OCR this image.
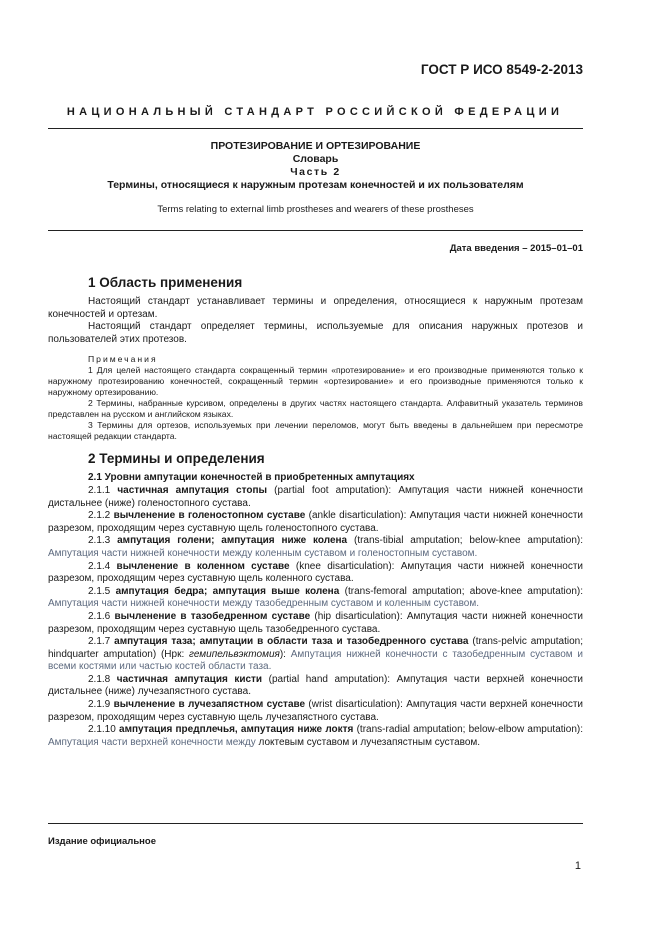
ГОСТ Р ИСО 8549-2-2013
НАЦИОНАЛЬНЫЙ СТАНДАРТ РОССИЙСКОЙ ФЕДЕРАЦИИ
ПРОТЕЗИРОВАНИЕ И ОРТЕЗИРОВАНИЕ
Словарь
Часть 2
Термины, относящиеся к наружным протезам конечностей и их пользователям
Terms relating to external limb prostheses and wearers of these prostheses
Дата введения – 2015–01–01
1 Область применения

Настоящий стандарт устанавливает термины и определения, относящиеся к наружным протезам конечностей и ортезам.

Настоящий стандарт определяет термины, используемые для описания наружных протезов и пользователей этих протезов.

Примечания

1 Для целей настоящего стандарта сокращенный термин «протезирование» и его производные применяются только к наружному протезированию конечностей, сокращенный термин «ортезирование» и его производные применяются только к наружному ортезированию.

2 Термины, набранные курсивом, определены в других частях настоящего стандарта. Алфавитный указатель терминов представлен на русском и английском языках.

3 Термины для ортезов, используемых при лечении переломов, могут быть введены в дальнейшем при пересмотре настоящей редакции стандарта.

2 Термины и определения

2.1 Уровни ампутации конечностей в приобретенных ампутациях

2.1.1 частичная ампутация стопы (partial foot amputation): Ампутация части нижней конечности дистальнее (ниже) голеностопного сустава.

2.1.2 вычленение в голеностопном суставе (ankle disarticulation): Ампутация части нижней конечности разрезом, проходящим через суставную щель голеностопного сустава.

2.1.3 ампутация голени; ампутация ниже колена (trans-tibial amputation; below-knee amputation): Ампутация части нижней конечности между коленным суставом и голеностопным суставом.

2.1.4 вычленение в коленном суставе (knee disarticulation): Ампутация части нижней конечности разрезом, проходящим через суставную щель коленного сустава.

2.1.5 ампутация бедра; ампутация выше колена (trans-femoral amputation; above-knee amputation): Ампутация части нижней конечности между тазобедренным суставом и коленным суставом.

2.1.6 вычленение в тазобедренном суставе (hip disarticulation): Ампутация части нижней конечности разрезом, проходящим через суставную щель тазобедренного сустава.

2.1.7 ампутация таза; ампутации в области таза и тазобедренного сустава (trans-pelvic amputation; hindquarter amputation) (Нрк: гемипельвэктомия): Ампутация нижней конечности с тазобедренным суставом и всеми костями или частью костей области таза.

2.1.8 частичная ампутация кисти (partial hand amputation): Ампутация части верхней конечности дистальнее (ниже) лучезапястного сустава.

2.1.9 вычленение в лучезапястном суставе (wrist disarticulation): Ампутация части верхней конечности разрезом, проходящим через суставную щель лучезапястного сустава.

2.1.10 ампутация предплечья, ампутация ниже локтя (trans-radial amputation; below-elbow amputation): Ампутация части верхней конечности между локтевым суставом и лучезапястным суставом.

Издание официальное
1
